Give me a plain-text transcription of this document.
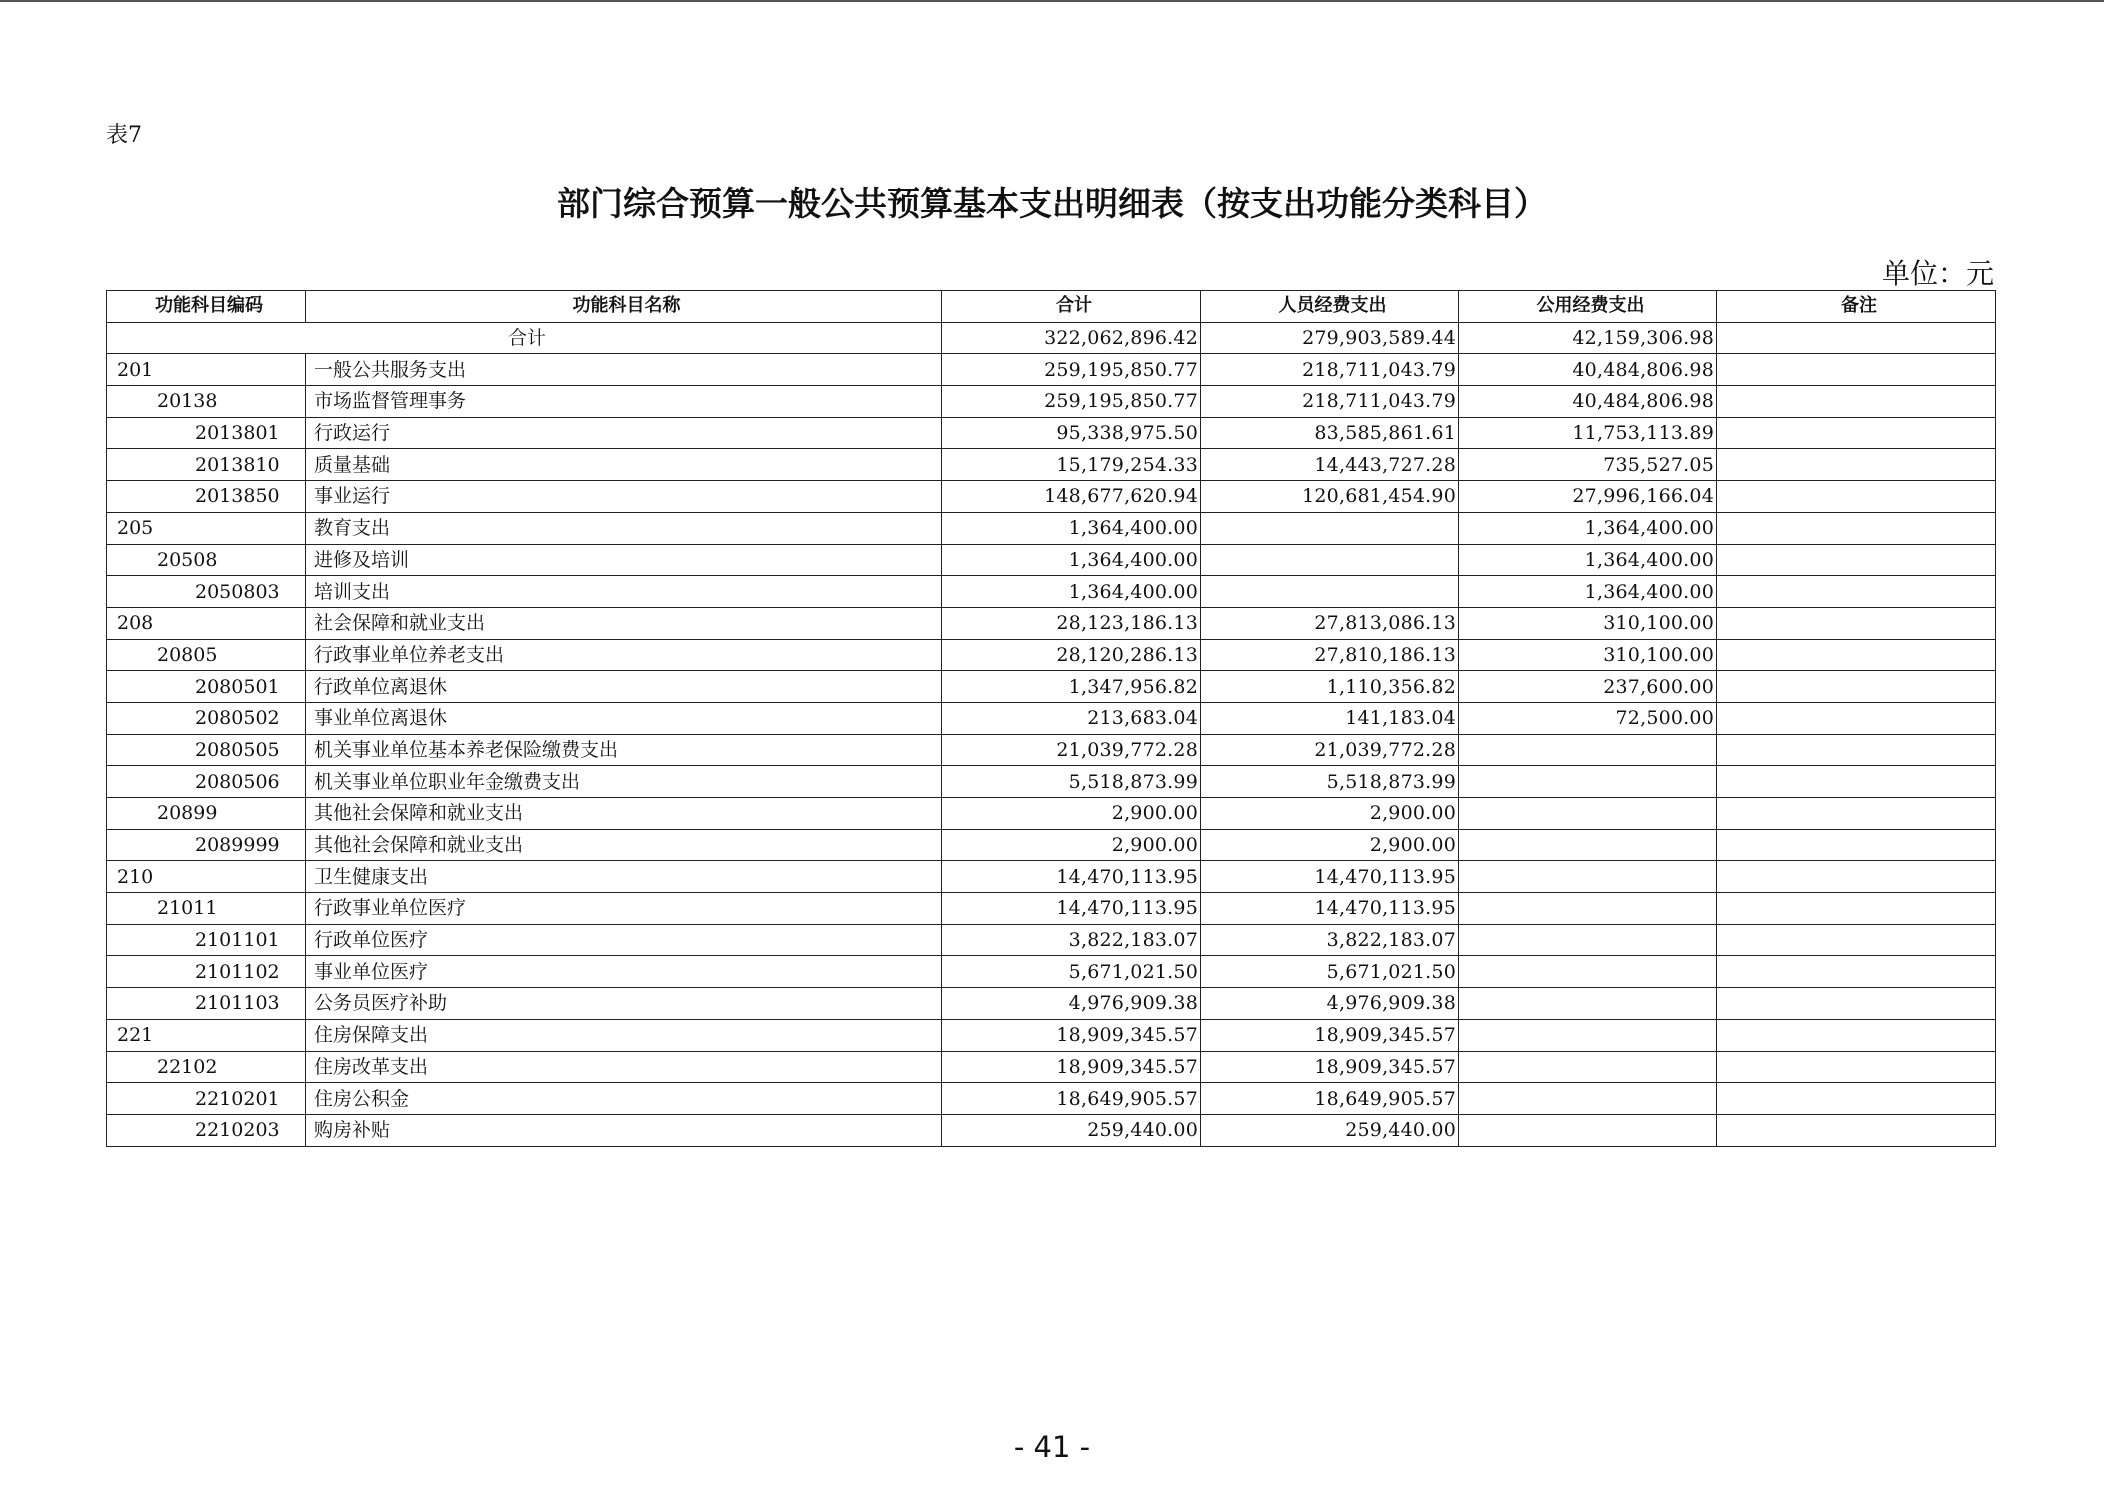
表7
部门综合预算一般公共预算基本支出明细表（按支出功能分类科目）
单位：元
功能科目编码	功能科目名称	合计	人员经费支出	公用经费支出	备注
合计		322,062,896.42	279,903,589.44	42,159,306.98	
201	一般公共服务支出	259,195,850.77	218,711,043.79	40,484,806.98	
20138	市场监督管理事务	259,195,850.77	218,711,043.79	40,484,806.98	
2013801	行政运行	95,338,975.50	83,585,861.61	11,753,113.89	
2013810	质量基础	15,179,254.33	14,443,727.28	735,527.05	
2013850	事业运行	148,677,620.94	120,681,454.90	27,996,166.04	
205	教育支出	1,364,400.00		1,364,400.00	
20508	进修及培训	1,364,400.00		1,364,400.00	
2050803	培训支出	1,364,400.00		1,364,400.00	
208	社会保障和就业支出	28,123,186.13	27,813,086.13	310,100.00	
20805	行政事业单位养老支出	28,120,286.13	27,810,186.13	310,100.00	
2080501	行政单位离退休	1,347,956.82	1,110,356.82	237,600.00	
2080502	事业单位离退休	213,683.04	141,183.04	72,500.00	
2080505	机关事业单位基本养老保险缴费支出	21,039,772.28	21,039,772.28		
2080506	机关事业单位职业年金缴费支出	5,518,873.99	5,518,873.99		
20899	其他社会保障和就业支出	2,900.00	2,900.00		
2089999	其他社会保障和就业支出	2,900.00	2,900.00		
210	卫生健康支出	14,470,113.95	14,470,113.95		
21011	行政事业单位医疗	14,470,113.95	14,470,113.95		
2101101	行政单位医疗	3,822,183.07	3,822,183.07		
2101102	事业单位医疗	5,671,021.50	5,671,021.50		
2101103	公务员医疗补助	4,976,909.38	4,976,909.38		
221	住房保障支出	18,909,345.57	18,909,345.57		
22102	住房改革支出	18,909,345.57	18,909,345.57		
2210201	住房公积金	18,649,905.57	18,649,905.57		
2210203	购房补贴	259,440.00	259,440.00		
- 41 -
